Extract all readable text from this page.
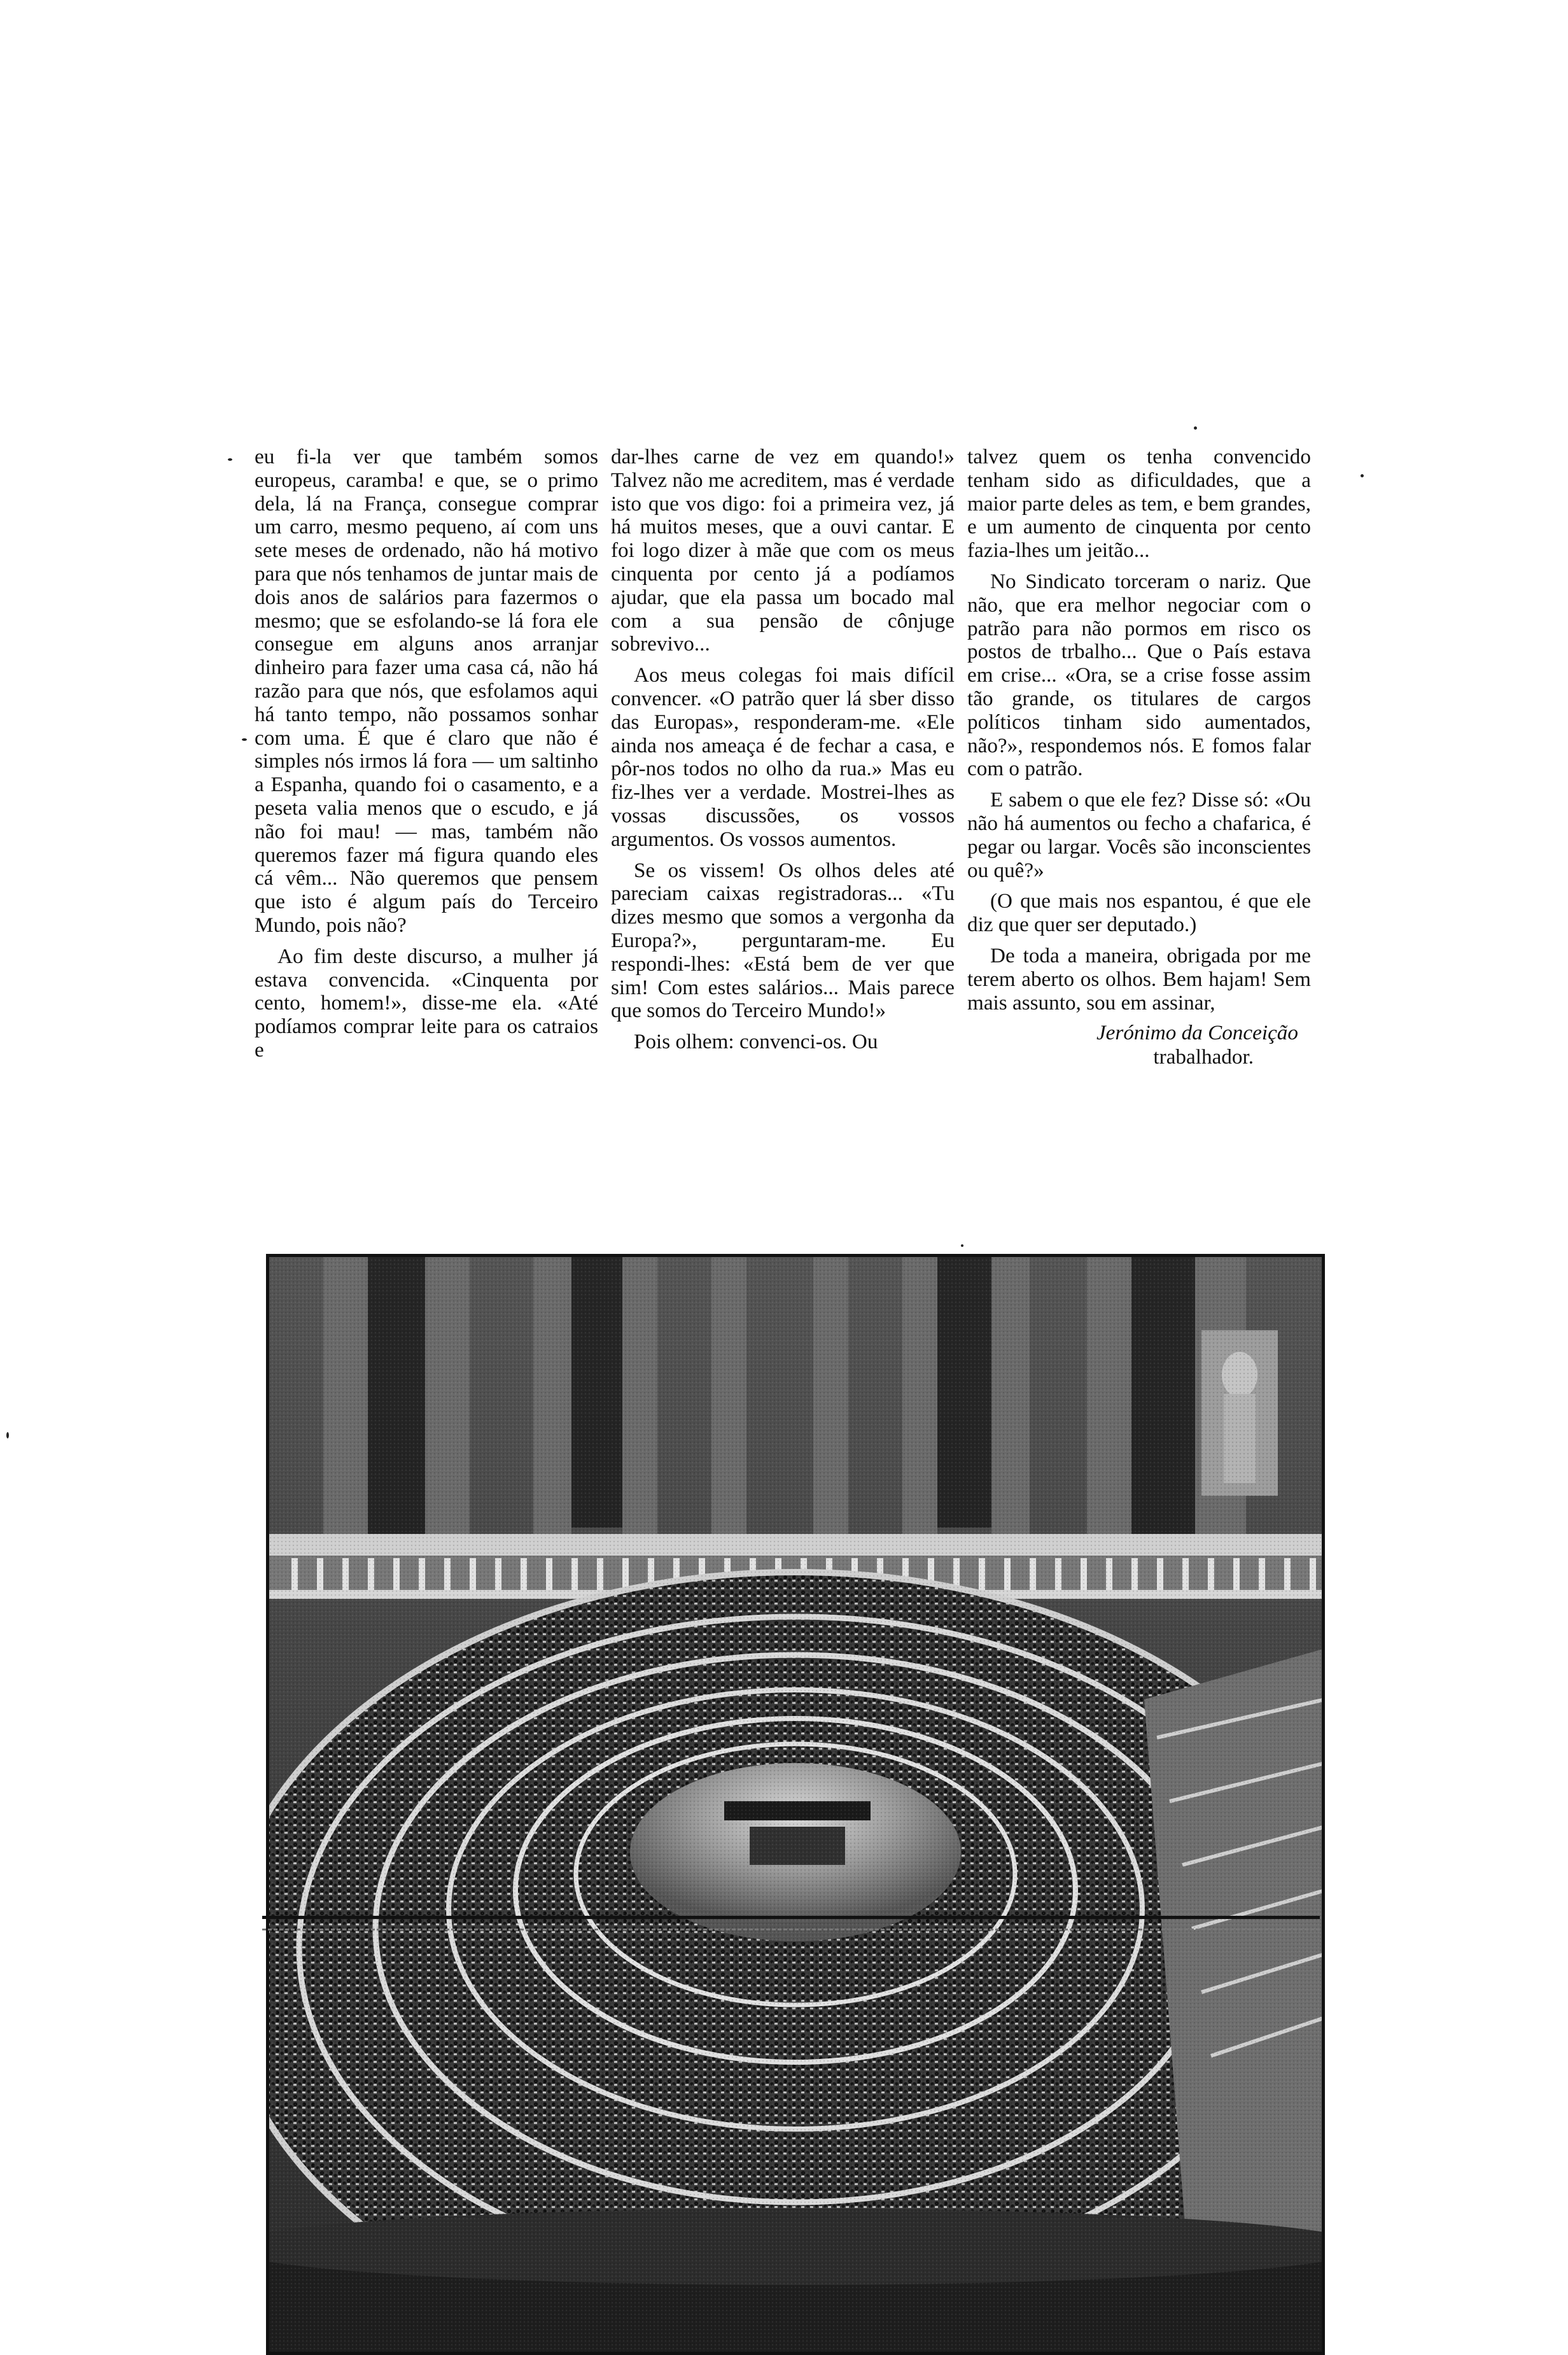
eu fi-la ver que também somos europeus, caramba! e que, se o primo dela, lá na França, consegue comprar um carro, mesmo pequeno, aí com uns sete meses de ordenado, não há motivo para que nós tenhamos de juntar mais de dois anos de salários para fazermos o mesmo; que se esfolando-se lá fora ele consegue em alguns anos arranjar dinheiro para fazer uma casa cá, não há razão para que nós, que esfolamos aqui há tanto tempo, não possamos sonhar com uma. É que é claro que não é simples nós irmos lá fora — um saltinho a Espanha, quando foi o casamento, e a peseta valia menos que o escudo, e já não foi mau! — mas, também não queremos fazer má figura quando eles cá vêm... Não queremos que pensem que isto é algum país do Terceiro Mundo, pois não?

Ao fim deste discurso, a mulher já estava convencida. «Cinquenta por cento, homem!», disse-me ela. «Até podíamos comprar leite para os catraios e

dar-lhes carne de vez em quando!» Talvez não me acreditem, mas é verdade isto que vos digo: foi a primeira vez, já há muitos meses, que a ouvi cantar. E foi logo dizer à mãe que com os meus cinquenta por cento já a podíamos ajudar, que ela passa um bocado mal com a sua pensão de cônjuge sobrevivo...

Aos meus colegas foi mais difícil convencer. «O patrão quer lá sber disso das Europas», responderam-me. «Ele ainda nos ameaça é de fechar a casa, e pôr-nos todos no olho da rua.» Mas eu fiz-lhes ver a verdade. Mostrei-lhes as vossas discussões, os vossos argumentos. Os vossos aumentos.

Se os vissem! Os olhos deles até pareciam caixas registradoras... «Tu dizes mesmo que somos a vergonha da Europa?», perguntaram-me. Eu respondi-lhes: «Está bem de ver que sim! Com estes salários... Mais parece que somos do Terceiro Mundo!»

Pois olhem: convenci-os. Ou

talvez quem os tenha convencido tenham sido as dificuldades, que a maior parte deles as tem, e bem grandes, e um aumento de cinquenta por cento fazia-lhes um jeitão...

No Sindicato torceram o nariz. Que não, que era melhor negociar com o patrão para não pormos em risco os postos de trbalho... Que o País estava em crise... «Ora, se a crise fosse assim tão grande, os titulares de cargos políticos tinham sido aumentados, não?», respondemos nós. E fomos falar com o patrão.

E sabem o que ele fez? Disse só: «Ou não há aumentos ou fecho a chafarica, é pegar ou largar. Vocês são inconscientes ou quê?»

(O que mais nos espantou, é que ele diz que quer ser deputado.)

De toda a maneira, obrigada por me terem aberto os olhos. Bem hajam! Sem mais assunto, sou em assinar,

Jerónimo da Conceição
trabalhador.
